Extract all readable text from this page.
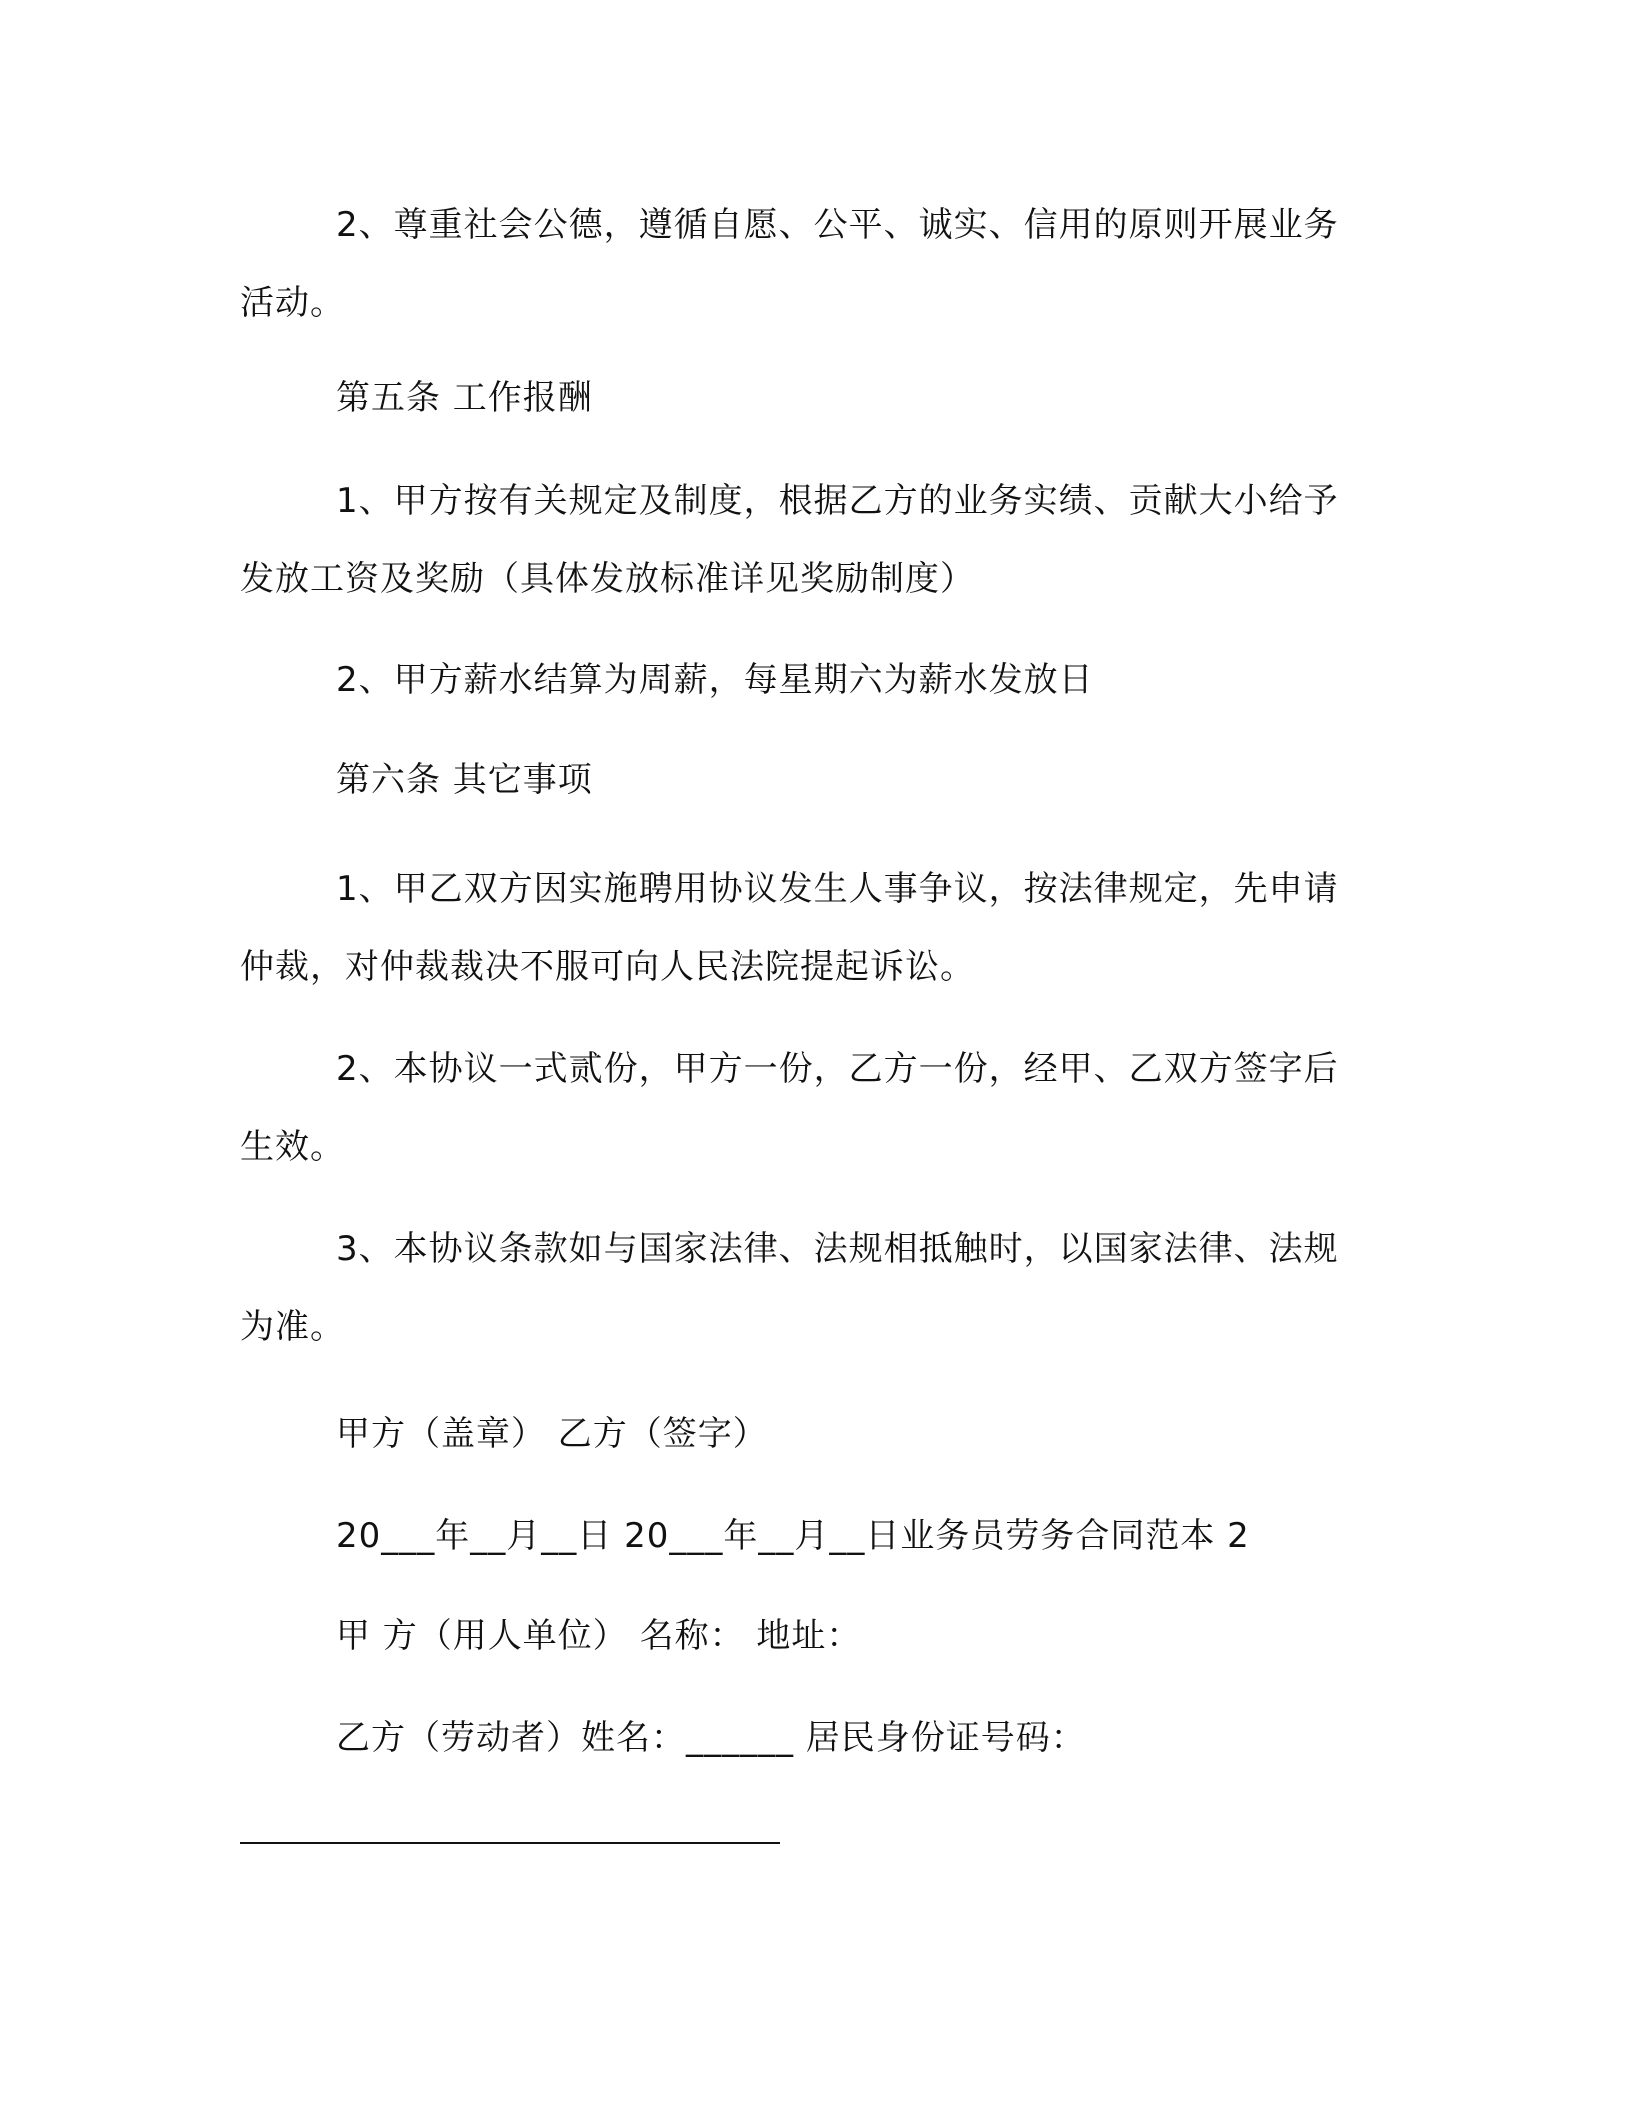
2、尊重社会公德，遵循自愿、公平、诚实、信用的原则开展业务活动。

第五条 工作报酬

1、甲方按有关规定及制度，根据乙方的业务实绩、贡献大小给予发放工资及奖励（具体发放标准详见奖励制度）

2、甲方薪水结算为周薪，每星期六为薪水发放日

第六条 其它事项

1、甲乙双方因实施聘用协议发生人事争议，按法律规定，先申请仲裁，对仲裁裁决不服可向人民法院提起诉讼。

2、本协议一式贰份，甲方一份，乙方一份，经甲、乙双方签字后生效。

3、本协议条款如与国家法律、法规相抵触时，以国家法律、法规为准。

甲方（盖章） 乙方（签字）

20___年__月__日 20___年__月__日业务员劳务合同范本 2

甲 方（用人单位） 名称： 地址：

乙方（劳动者）姓名：______ 居民身份证号码：
